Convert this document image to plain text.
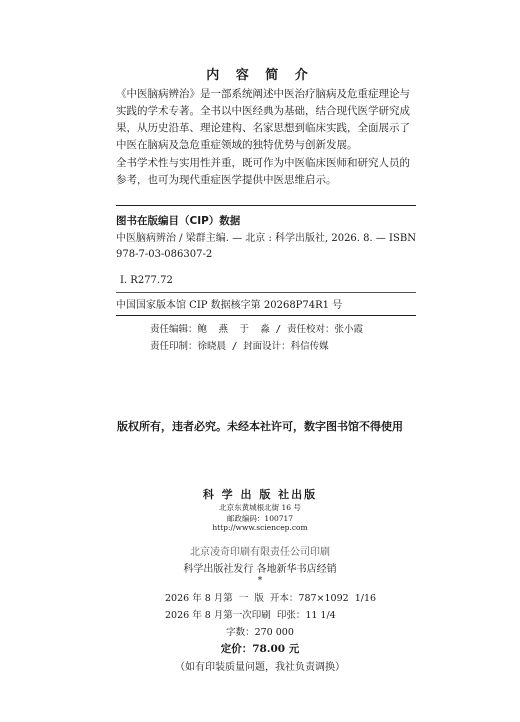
内 容 简 介

《中医脑病辨治》是一部系统阐述中医治疗脑病及危重症理论与实践的学术专著。全书以中医经典为基础，结合现代医学研究成果，从历史沿革、理论建构、名家思想到临床实践，全面展示了中医在脑病及急危重症领域的独特优势与创新发展。

全书学术性与实用性并重，既可作为中医临床医师和研究人员的参考，也可为现代重症医学提供中医思维启示。

图书在版编目（CIP）数据
中医脑病辨治 / 梁群主编. — 北京 : 科学出版社, 2026. 8. — ISBN 978-7-03-086307-2
Ⅰ. R277.72
中国国家版本馆 CIP 数据核字第 20268P74R1 号
责任编辑：鲍  燕  于  淼 / 责任校对：张小霞
责任印制：徐晓晨 / 封面设计：科信传媒
版权所有，违者必究。未经本社许可，数字图书馆不得使用
科 学 出 版 社出版
北京东黄城根北街 16 号
邮政编码：100717
http://www.sciencep.com
北京凌奇印刷有限责任公司印刷
科学出版社发行 各地新华书店经销
*
2026 年 8 月第  一  版  开本：787×1092  1/16
2026 年 8 月第一次印刷  印张：11 1/4
字数：270 000
定价：78.00 元
（如有印装质量问题，我社负责调换）
